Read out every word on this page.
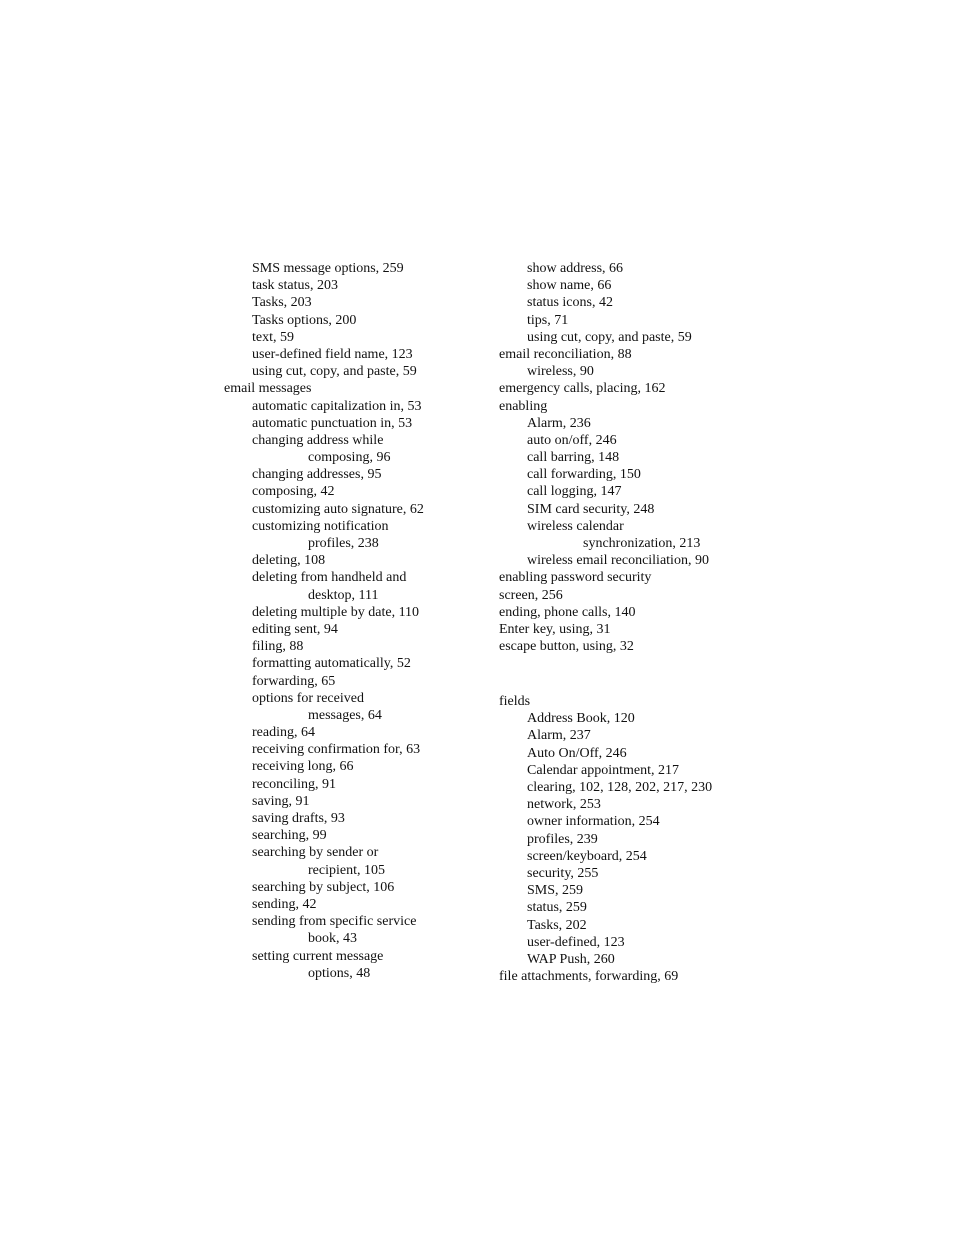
SMS message options, 259
task status, 203
Tasks, 203
Tasks options, 200
text, 59
user-defined field name, 123
using cut, copy, and paste, 59
email messages
automatic capitalization in, 53
automatic punctuation in, 53
changing address while
composing, 96
changing addresses, 95
composing, 42
customizing auto signature, 62
customizing notification
profiles, 238
deleting, 108
deleting from handheld and
desktop, 111
deleting multiple by date, 110
editing sent, 94
filing, 88
formatting automatically, 52
forwarding, 65
options for received
messages, 64
reading, 64
receiving confirmation for, 63
receiving long, 66
reconciling, 91
saving, 91
saving drafts, 93
searching, 99
searching by sender or
recipient, 105
searching by subject, 106
sending, 42
sending from specific service
book, 43
setting current message
options, 48
show address, 66
show name, 66
status icons, 42
tips, 71
using cut, copy, and paste, 59
email reconciliation, 88
wireless, 90
emergency calls, placing, 162
enabling
Alarm, 236
auto on/off, 246
call barring, 148
call forwarding, 150
call logging, 147
SIM card security, 248
wireless calendar
synchronization, 213
wireless email reconciliation, 90
enabling password security
screen, 256
ending, phone calls, 140
Enter key, using, 31
escape button, using, 32
fields
Address Book, 120
Alarm, 237
Auto On/Off, 246
Calendar appointment, 217
clearing, 102, 128, 202, 217, 230
network, 253
owner information, 254
profiles, 239
screen/keyboard, 254
security, 255
SMS, 259
status, 259
Tasks, 202
user-defined, 123
WAP Push, 260
file attachments, forwarding, 69
